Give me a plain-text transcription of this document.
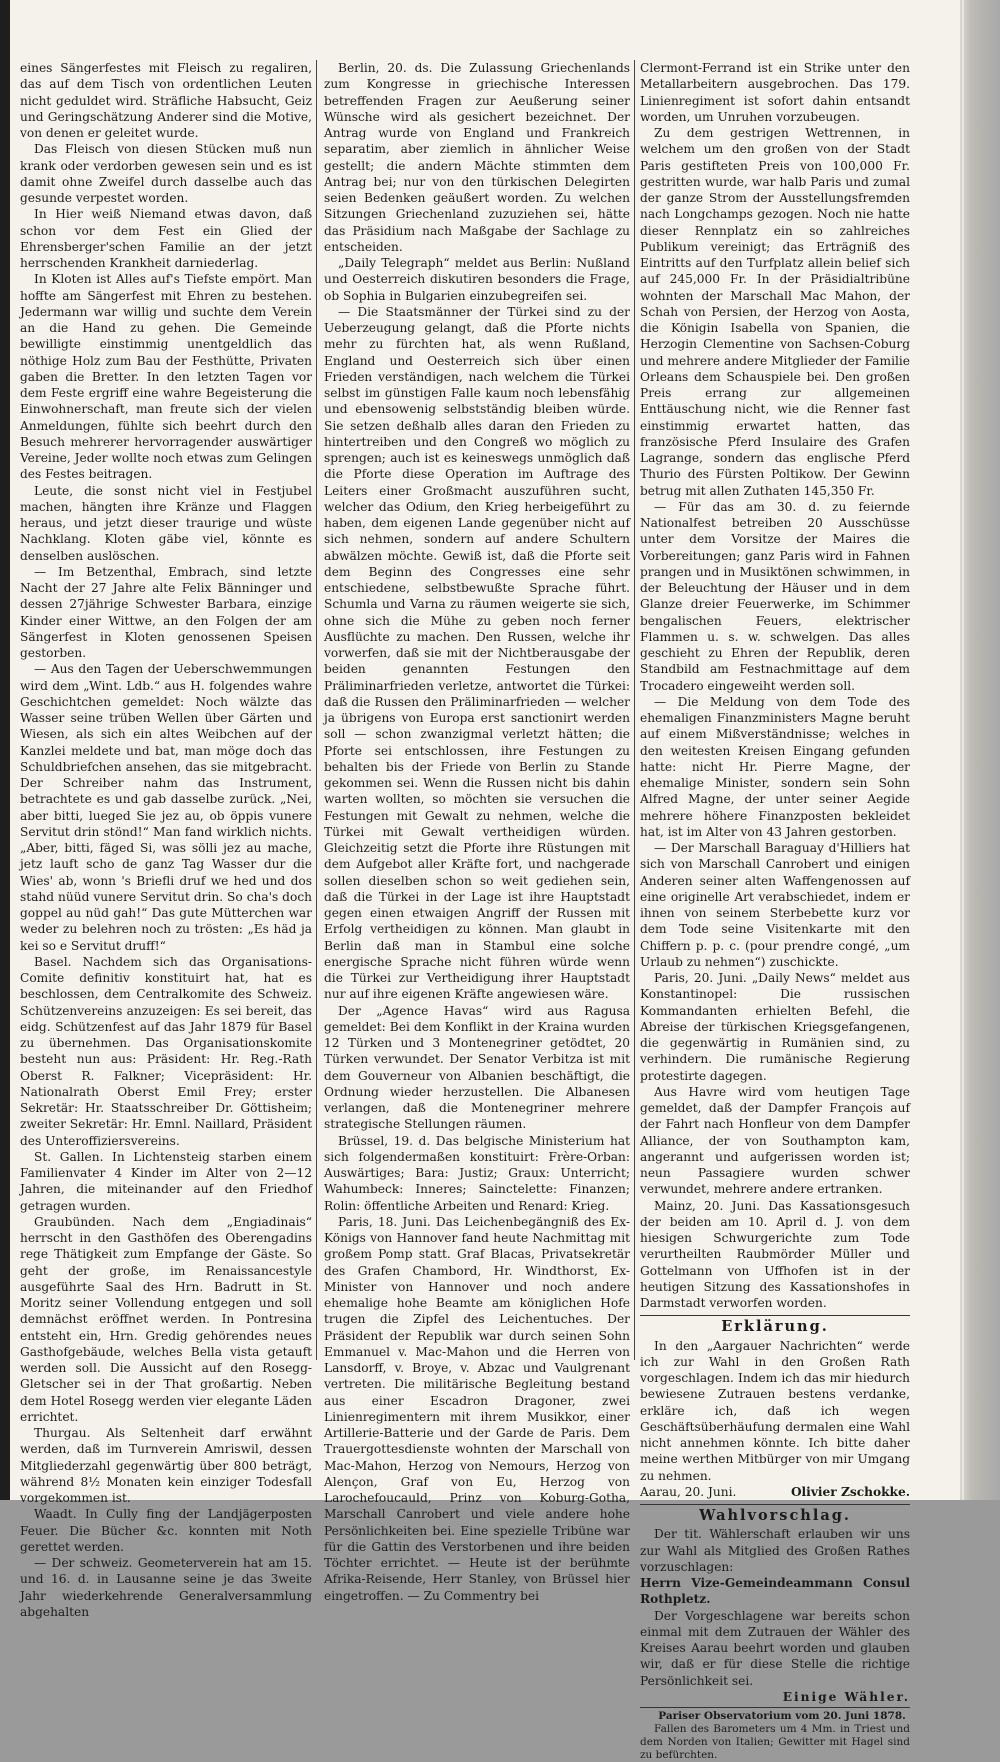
eines Sängerfestes mit Fleisch zu regaliren, das auf dem Tisch von ordentlichen Leuten nicht geduldet wird. Sträfliche Habsucht, Geiz und Geringschätzung Anderer sind die Motive, von denen er geleitet wurde.

Das Fleisch von diesen Stücken muß nun krank oder verdorben gewesen sein und es ist damit ohne Zweifel durch dasselbe auch das gesunde verpestet worden.

In Hier weiß Niemand etwas davon, daß schon vor dem Fest ein Glied der Ehrensberger'schen Familie an der jetzt herrschenden Krankheit darniederlag.

In Kloten ist Alles auf's Tiefste empört. Man hoffte am Sängerfest mit Ehren zu bestehen. Jedermann war willig und suchte dem Verein an die Hand zu gehen. Die Gemeinde bewilligte einstimmig unentgeldlich das nöthige Holz zum Bau der Festhütte, Privaten gaben die Bretter. In den letzten Tagen vor dem Feste ergriff eine wahre Begeisterung die Einwohnerschaft, man freute sich der vielen Anmeldungen, fühlte sich beehrt durch den Besuch mehrerer hervorragender auswärtiger Vereine, Jeder wollte noch etwas zum Gelingen des Festes beitragen.

Leute, die sonst nicht viel in Festjubel machen, hängten ihre Kränze und Flaggen heraus, und jetzt dieser traurige und wüste Nachklang. Kloten gäbe viel, könnte es denselben auslöschen.

— Im Betzenthal, Embrach, sind letzte Nacht der 27 Jahre alte Felix Bänninger und dessen 27jährige Schwester Barbara, einzige Kinder einer Wittwe, an den Folgen der am Sängerfest in Kloten genossenen Speisen gestorben.

— Aus den Tagen der Ueberschwemmungen wird dem „Wint. Ldb.“ aus H. folgendes wahre Geschichtchen gemeldet: Noch wälzte das Wasser seine trüben Wellen über Gärten und Wiesen, als sich ein altes Weibchen auf der Kanzlei meldete und bat, man möge doch das Schuldbriefchen ansehen, das sie mitgebracht. Der Schreiber nahm das Instrument, betrachtete es und gab dasselbe zurück. „Nei, aber bitti, lueged Sie jez au, ob öppis vunere Servitut drin stönd!“ Man fand wirklich nichts. „Aber, bitti, fäged Si, was sölli jez au mache, jetz lauft scho de ganz Tag Wasser dur die Wies' ab, wonn 's Briefli druf we hed und dos stahd nüüd vunere Servitut drin. So cha's doch goppel au nüd gah!“ Das gute Mütterchen war weder zu belehren noch zu trösten: „Es häd ja kei so e Servitut druff!“

Basel. Nachdem sich das Organisations-Comite definitiv konstituirt hat, hat es beschlossen, dem Centralkomite des Schweiz. Schützenvereins anzuzeigen: Es sei bereit, das eidg. Schützenfest auf das Jahr 1879 für Basel zu übernehmen. Das Organisationskomite besteht nun aus: Präsident: Hr. Reg.-Rath Oberst R. Falkner; Vicepräsident: Hr. Nationalrath Oberst Emil Frey; erster Sekretär: Hr. Staatsschreiber Dr. Göttisheim; zweiter Sekretär: Hr. Emnl. Naillard, Präsident des Unteroffiziersvereins.

St. Gallen. In Lichtensteig starben einem Familienvater 4 Kinder im Alter von 2—12 Jahren, die miteinander auf den Friedhof getragen wurden.

Graubünden. Nach dem „Engiadinais“ herrscht in den Gasthöfen des Oberengadins rege Thätigkeit zum Empfange der Gäste. So geht der große, im Renaissancestyle ausgeführte Saal des Hrn. Badrutt in St. Moritz seiner Vollendung entgegen und soll demnächst eröffnet werden. In Pontresina entsteht ein, Hrn. Gredig gehörendes neues Gasthofgebäude, welches Bella vista getauft werden soll. Die Aussicht auf den Rosegg-Gletscher sei in der That großartig. Neben dem Hotel Rosegg werden vier elegante Läden errichtet.

Thurgau. Als Seltenheit darf erwähnt werden, daß im Turnverein Amriswil, dessen Mitgliederzahl gegenwärtig über 800 beträgt, während 8½ Monaten kein einziger Todesfall vorgekommen ist.

Waadt. In Cully fing der Landjägerposten Feuer. Die Bücher &c. konnten mit Noth gerettet werden.

— Der schweiz. Geometerverein hat am 15. und 16. d. in Lausanne seine je das 3weite Jahr wiederkehrende Generalversammlung abgehalten

Berlin, 20. ds. Die Zulassung Griechenlands zum Kongresse in griechische Interessen betreffenden Fragen zur Aeußerung seiner Wünsche wird als gesichert bezeichnet. Der Antrag wurde von England und Frankreich separatim, aber ziemlich in ähnlicher Weise gestellt; die andern Mächte stimmten dem Antrag bei; nur von den türkischen Delegirten seien Bedenken geäußert worden. Zu welchen Sitzungen Griechenland zuzuziehen sei, hätte das Präsidium nach Maßgabe der Sachlage zu entscheiden.

„Daily Telegraph“ meldet aus Berlin: Nußland und Oesterreich diskutiren besonders die Frage, ob Sophia in Bulgarien einzubegreifen sei.

— Die Staatsmänner der Türkei sind zu der Ueberzeugung gelangt, daß die Pforte nichts mehr zu fürchten hat, als wenn Rußland, England und Oesterreich sich über einen Frieden verständigen, nach welchem die Türkei selbst im günstigen Falle kaum noch lebensfähig und ebensowenig selbstständig bleiben würde. Sie setzen deßhalb alles daran den Frieden zu hintertreiben und den Congreß wo möglich zu sprengen; auch ist es keineswegs unmöglich daß die Pforte diese Operation im Auftrage des Leiters einer Großmacht auszuführen sucht, welcher das Odium, den Krieg herbeigeführt zu haben, dem eigenen Lande gegenüber nicht auf sich nehmen, sondern auf andere Schultern abwälzen möchte. Gewiß ist, daß die Pforte seit dem Beginn des Congresses eine sehr entschiedene, selbstbewußte Sprache führt. Schumla und Varna zu räumen weigerte sie sich, ohne sich die Mühe zu geben noch ferner Ausflüchte zu machen. Den Russen, welche ihr vorwerfen, daß sie mit der Nichtberausgabe der beiden genannten Festungen den Präliminarfrieden verletze, antwortet die Türkei: daß die Russen den Präliminarfrieden — welcher ja übrigens von Europa erst sanctionirt werden soll — schon zwanzigmal verletzt hätten; die Pforte sei entschlossen, ihre Festungen zu behalten bis der Friede von Berlin zu Stande gekommen sei. Wenn die Russen nicht bis dahin warten wollten, so möchten sie versuchen die Festungen mit Gewalt zu nehmen, welche die Türkei mit Gewalt vertheidigen würden. Gleichzeitig setzt die Pforte ihre Rüstungen mit dem Aufgebot aller Kräfte fort, und nachgerade sollen dieselben schon so weit gediehen sein, daß die Türkei in der Lage ist ihre Hauptstadt gegen einen etwaigen Angriff der Russen mit Erfolg vertheidigen zu können. Man glaubt in Berlin daß man in Stambul eine solche energische Sprache nicht führen würde wenn die Türkei zur Vertheidigung ihrer Hauptstadt nur auf ihre eigenen Kräfte angewiesen wäre.

Der „Agence Havas“ wird aus Ragusa gemeldet: Bei dem Konflikt in der Kraina wurden 12 Türken und 3 Montenegriner getödtet, 20 Türken verwundet. Der Senator Verbitza ist mit dem Gouverneur von Albanien beschäftigt, die Ordnung wieder herzustellen. Die Albanesen verlangen, daß die Montenegriner mehrere strategische Stellungen räumen.

Brüssel, 19. d. Das belgische Ministerium hat sich folgendermaßen konstituirt: Frère-Orban: Auswärtiges; Bara: Justiz; Graux: Unterricht; Wahumbeck: Inneres; Sainctelette: Finanzen; Rolin: öffentliche Arbeiten und Renard: Krieg.

Paris, 18. Juni. Das Leichenbegängniß des Ex-Königs von Hannover fand heute Nachmittag mit großem Pomp statt. Graf Blacas, Privatsekretär des Grafen Chambord, Hr. Windthorst, Ex-Minister von Hannover und noch andere ehemalige hohe Beamte am königlichen Hofe trugen die Zipfel des Leichentuches. Der Präsident der Republik war durch seinen Sohn Emmanuel v. Mac-Mahon und die Herren von Lansdorff, v. Broye, v. Abzac und Vaulgrenant vertreten. Die militärische Begleitung bestand aus einer Escadron Dragoner, zwei Linienregimentern mit ihrem Musikkor, einer Artillerie-Batterie und der Garde de Paris. Dem Trauergottesdienste wohnten der Marschall von Mac-Mahon, Herzog von Nemours, Herzog von Alençon, Graf von Eu, Herzog von Larochefoucauld, Prinz von Koburg-Gotha, Marschall Canrobert und viele andere hohe Persönlichkeiten bei. Eine spezielle Tribüne war für die Gattin des Verstorbenen und ihre beiden Töchter errichtet. — Heute ist der berühmte Afrika-Reisende, Herr Stanley, von Brüssel hier eingetroffen. — Zu Commentry bei

Clermont-Ferrand ist ein Strike unter den Metallarbeitern ausgebrochen. Das 179. Linienregiment ist sofort dahin entsandt worden, um Unruhen vorzubeugen.

Zu dem gestrigen Wettrennen, in welchem um den großen von der Stadt Paris gestifteten Preis von 100,000 Fr. gestritten wurde, war halb Paris und zumal der ganze Strom der Ausstellungsfremden nach Longchamps gezogen. Noch nie hatte dieser Rennplatz ein so zahlreiches Publikum vereinigt; das Erträgniß des Eintritts auf den Turfplatz allein belief sich auf 245,000 Fr. In der Präsidialtribüne wohnten der Marschall Mac Mahon, der Schah von Persien, der Herzog von Aosta, die Königin Isabella von Spanien, die Herzogin Clementine von Sachsen-Coburg und mehrere andere Mitglieder der Familie Orleans dem Schauspiele bei. Den großen Preis errang zur allgemeinen Enttäuschung nicht, wie die Renner fast einstimmig erwartet hatten, das französische Pferd Insulaire des Grafen Lagrange, sondern das englische Pferd Thurio des Fürsten Poltikow. Der Gewinn betrug mit allen Zuthaten 145,350 Fr.

— Für das am 30. d. zu feiernde Nationalfest betreiben 20 Ausschüsse unter dem Vorsitze der Maires die Vorbereitungen; ganz Paris wird in Fahnen prangen und in Musiktönen schwimmen, in der Beleuchtung der Häuser und in dem Glanze dreier Feuerwerke, im Schimmer bengalischen Feuers, elektrischer Flammen u. s. w. schwelgen. Das alles geschieht zu Ehren der Republik, deren Standbild am Festnachmittage auf dem Trocadero eingeweiht werden soll.

— Die Meldung von dem Tode des ehemaligen Finanzministers Magne beruht auf einem Mißverständnisse; welches in den weitesten Kreisen Eingang gefunden hatte: nicht Hr. Pierre Magne, der ehemalige Minister, sondern sein Sohn Alfred Magne, der unter seiner Aegide mehrere höhere Finanzposten bekleidet hat, ist im Alter von 43 Jahren gestorben.

— Der Marschall Baraguay d'Hilliers hat sich von Marschall Canrobert und einigen Anderen seiner alten Waffengenossen auf eine originelle Art verabschiedet, indem er ihnen von seinem Sterbebette kurz vor dem Tode seine Visitenkarte mit den Chiffern p. p. c. (pour prendre congé, „um Urlaub zu nehmen“) zuschickte.

Paris, 20. Juni. „Daily News“ meldet aus Konstantinopel: Die russischen Kommandanten erhielten Befehl, die Abreise der türkischen Kriegsgefangenen, die gegenwärtig in Rumänien sind, zu verhindern. Die rumänische Regierung protestirte dagegen.

Aus Havre wird vom heutigen Tage gemeldet, daß der Dampfer François auf der Fahrt nach Honfleur von dem Dampfer Alliance, der von Southampton kam, angerannt und aufgerissen worden ist; neun Passagiere wurden schwer verwundet, mehrere andere ertranken.

Mainz, 20. Juni. Das Kassationsgesuch der beiden am 10. April d. J. von dem hiesigen Schwurgerichte zum Tode verurtheilten Raubmörder Müller und Gottelmann von Uffhofen ist in der heutigen Sitzung des Kassationshofes in Darmstadt verworfen worden.

Erklärung.

In den „Aargauer Nachrichten“ werde ich zur Wahl in den Großen Rath vorgeschlagen. Indem ich das mir hiedurch bewiesene Zutrauen bestens verdanke, erkläre ich, daß ich wegen Geschäftsüberhäufung dermalen eine Wahl nicht annehmen könnte. Ich bitte daher meine werthen Mitbürger von mir Umgang zu nehmen.

Aarau, 20. Juni.	Olivier Zschokke.

Wahlvorschlag.

Der tit. Wählerschaft erlauben wir uns zur Wahl als Mitglied des Großen Rathes vorzuschlagen:

Herrn Vize-Gemeindeammann Consul Rothpletz.

Der Vorgeschlagene war bereits schon einmal mit dem Zutrauen der Wähler des Kreises Aarau beehrt worden und glauben wir, daß er für diese Stelle die richtige Persönlichkeit sei.

Einige Wähler.

Pariser Observatorium vom 20. Juni 1878.

Fallen des Barometers um 4 Mm. in Triest und dem Norden von Italien; Gewitter mit Hagel sind zu befürchten.
